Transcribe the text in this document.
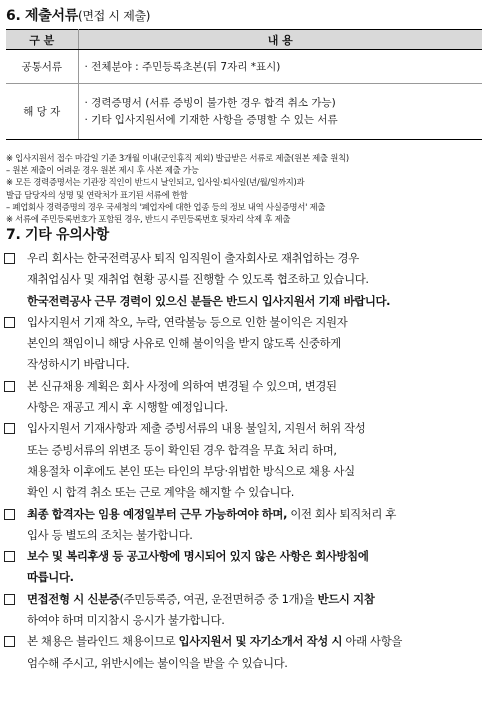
6. 제출서류(면접 시 제출)
구 분	내 용
공통서류	· 전체분야 : 주민등록초본(뒤 7자리 *표시)

해 당 자	· 경력증명서 (서류 증빙이 불가한 경우 합격 취소 가능)
· 기타 입사지원서에 기재한 사항을 증명할 수 있는 서류
※ 입사지원서 접수 마감일 기준 3개월 이내(군인휴직 제외) 발급받은 서류로 제출(원본 제출 원칙)
– 원본 제출이 어려운 경우 원본 제시 후 사본 제출 가능
※ 모든 경력증명서는 기관장 직인이 반드시 날인되고, 입사일·퇴사일(년/월/일까지)과
발급 담당자의 성명 및 연락처가 표기된 서류에 한함
– 폐업회사 경력증명의 경우 국세청의 '폐업자에 대한 업종 등의 정보 내역 사실증명서' 제출
※ 서류에 주민등록번호가 포함된 경우, 반드시 주민등록번호 뒷자리 삭제 후 제출
7. 기타 유의사항
우리 회사는 한국전력공사 퇴직 임직원이 출자회사로 재취업하는 경우
재취업심사 및 재취업 현황 공시를 진행할 수 있도록 협조하고 있습니다.
한국전력공사 근무 경력이 있으신 분들은 반드시 입사지원서 기재 바랍니다.
입사지원서 기재 착오, 누락, 연락불능 등으로 인한 불이익은 지원자
본인의 책임이니 해당 사유로 인해 불이익을 받지 않도록 신중하게
작성하시기 바랍니다.
본 신규채용 계획은 회사 사정에 의하여 변경될 수 있으며, 변경된
사항은 재공고 게시 후 시행할 예정입니다.
입사지원서 기재사항과 제출 증빙서류의 내용 불일치, 지원서 허위 작성
또는 증빙서류의 위변조 등이 확인된 경우 합격을 무효 처리 하며,
채용절차 이후에도 본인 또는 타인의 부당·위법한 방식으로 채용 사실
확인 시 합격 취소 또는 근로 계약을 해지할 수 있습니다.
최종 합격자는 임용 예정일부터 근무 가능하여야 하며, 이전 회사 퇴직처리 후
입사 등 별도의 조치는 불가합니다.
보수 및 복리후생 등 공고사항에 명시되어 있지 않은 사항은 회사방침에
따릅니다.
면접전형 시 신분증(주민등록증, 여권, 운전면허증 중 1개)을 반드시 지참
하여야 하며 미지참시 응시가 불가합니다.
본 채용은 블라인드 채용이므로 입사지원서 및 자기소개서 작성 시 아래 사항을
엄수해 주시고, 위반시에는 불이익을 받을 수 있습니다.
